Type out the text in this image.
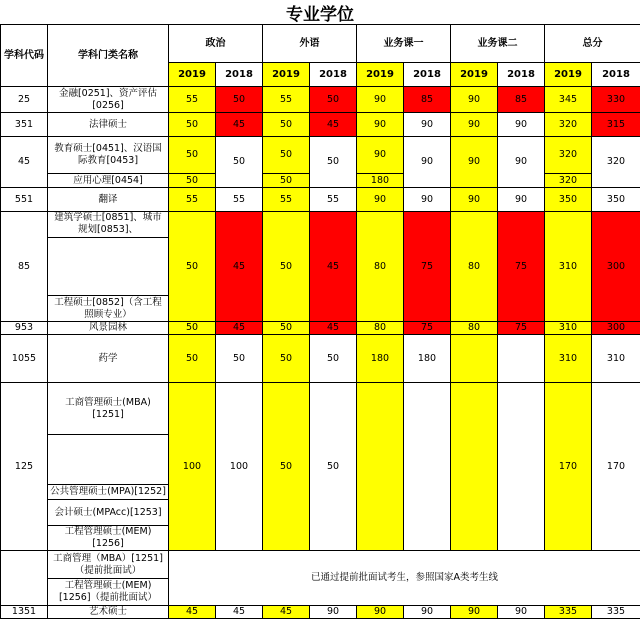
专业学位
学科代码	学科门类名称	政治		外语		业务课一		业务课二		总分	
		2019	2018	2019	2018	2019	2018	2019	2018	2019	2018
25	金融[0251]、资产评估[0256]	55	50	55	50	90	85	90	85	345	330
351	法律硕士	50	45	50	45	90	90	90	90	320	315
45	教育硕士[0451]、汉语国际教育[0453]	50	50	50	50	90	90	90	90	320	320
	应用心理[0454]	50		50		180				320	
551	翻译	55	55	55	55	90	90	90	90	350	350
85	建筑学硕士[0851]、城市规划[0853]、	50	45	50	45	80	75	80	75	310	300

	工程硕士[0852]（含工程照顾专业）										
953	风景园林	50	45	50	45	80	75	80	75	310	300
1055	药学	50	50	50	50	180	180			310	310
125	工商管理硕士(MBA)[1251]	100	100	50	50					170	170

	公共管理硕士(MPA)[1252]										
	会计硕士(MPAcc)[1253]										
	工程管理硕士(MEM)[1256]										
	工商管理（MBA）[1251]（提前批面试）	已通过提前批面试考生，参照国家A类考生线									
	工程管理硕士(MEM)[1256]（提前批面试）										
1351	艺术硕士	45	45	45	90	90	90	90	90	335	335
